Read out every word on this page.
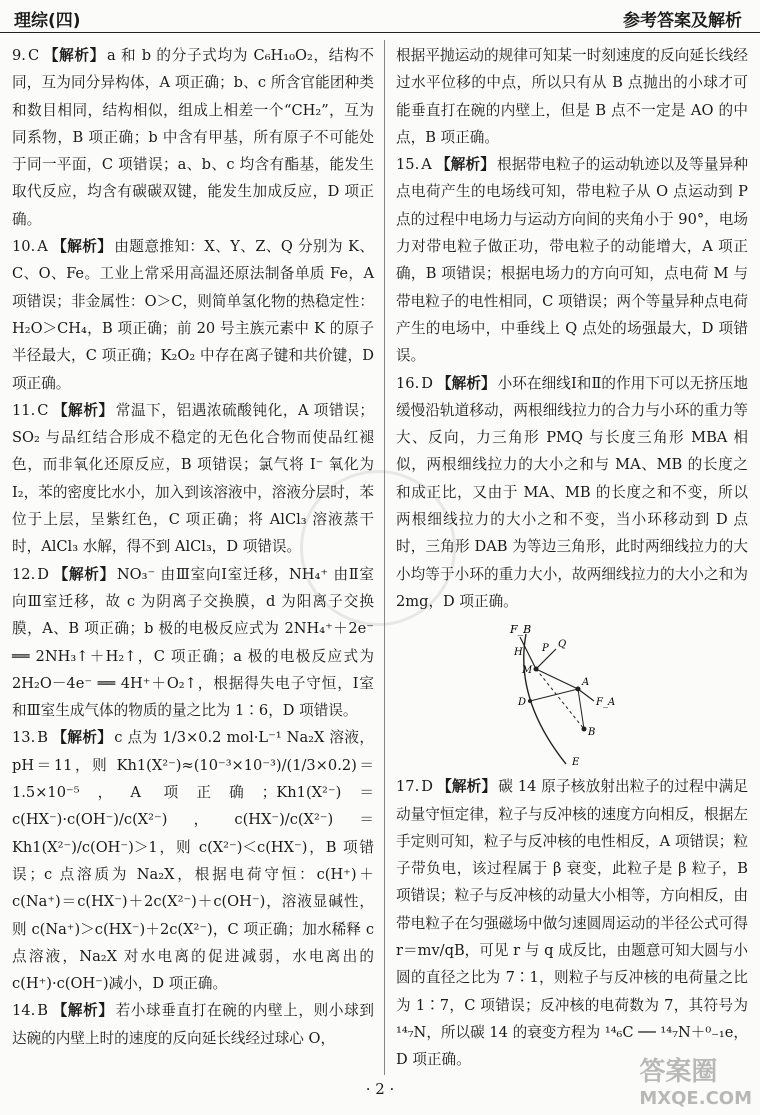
理综(四)	参考答案及解析

9. C 【解析】 a 和 b 的分子式均为 C₆H₁₀O₂，结构不同，互为同分异构体，A 项正确；b、c 所含官能团种类和数目相同，结构相似，组成上相差一个“CH₂”，互为同系物，B 项正确；b 中含有甲基，所有原子不可能处于同一平面，C 项错误；a、b、c 均含有酯基，能发生取代反应，均含有碳碳双键，能发生加成反应，D 项正确。

10. A 【解析】 由题意推知：X、Y、Z、Q 分别为 K、C、O、Fe。工业上常采用高温还原法制备单质 Fe，A 项错误；非金属性：O＞C，则简单氢化物的热稳定性：H₂O＞CH₄，B 项正确；前 20 号主族元素中 K 的原子半径最大，C 项正确；K₂O₂ 中存在离子键和共价键，D 项正确。

11. C 【解析】 常温下，铝遇浓硫酸钝化，A 项错误；SO₂ 与品红结合形成不稳定的无色化合物而使品红褪色，而非氧化还原反应，B 项错误；氯气将 I⁻ 氧化为 I₂，苯的密度比水小，加入到该溶液中，溶液分层时，苯位于上层，呈紫红色，C 项正确；将 AlCl₃ 溶液蒸干时，AlCl₃ 水解，得不到 AlCl₃，D 项错误。

12. D 【解析】 NO₃⁻ 由Ⅲ室向Ⅰ室迁移，NH₄⁺ 由Ⅱ室向Ⅲ室迁移，故 c 为阴离子交换膜，d 为阳离子交换膜，A、B 项正确；b 极的电极反应式为 2NH₄⁺＋2e⁻ ══ 2NH₃↑＋H₂↑，C 项正确；a 极的电极反应式为 2H₂O－4e⁻ ══ 4H⁺＋O₂↑，根据得失电子守恒，Ⅰ室和Ⅲ室生成气体的物质的量之比为 1∶6，D 项错误。

13. B 【解析】 c 点为 1/3×0.2 mol·L⁻¹ Na₂X 溶液，pH＝11，则 Kh1(X²⁻)≈(10⁻³×10⁻³)/(1/3×0.2)＝1.5×10⁻⁵，A 项正确；Kh1(X²⁻)＝c(HX⁻)·c(OH⁻)/c(X²⁻)，c(HX⁻)/c(X²⁻)＝Kh1(X²⁻)/c(OH⁻)＞1，则 c(X²⁻)＜c(HX⁻)，B 项错误；c 点溶质为 Na₂X，根据电荷守恒：c(H⁺)＋c(Na⁺)＝c(HX⁻)＋2c(X²⁻)＋c(OH⁻)，溶液显碱性，则 c(Na⁺)＞c(HX⁻)＋2c(X²⁻)，C 项正确；加水稀释 c 点溶液，Na₂X 对水电离的促进减弱，水电离出的 c(H⁺)·c(OH⁻)减小，D 项正确。

14. B 【解析】 若小球垂直打在碗的内壁上，则小球到达碗的内壁上时的速度的反向延长线经过球心 O，

根据平抛运动的规律可知某一时刻速度的反向延长线经过水平位移的中点，所以只有从 B 点抛出的小球才可能垂直打在碗的内壁上，但是 B 点不一定是 AO 的中点，B 项正确。

15. A 【解析】 根据带电粒子的运动轨迹以及等量异种点电荷产生的电场线可知，带电粒子从 O 点运动到 P 点的过程中电场力与运动方向间的夹角小于 90°，电场力对带电粒子做正功，带电粒子的动能增大，A 项正确，B 项错误；根据电场力的方向可知，点电荷 M 与带电粒子的电性相同，C 项错误；两个等量异种点电荷产生的电场中，中垂线上 Q 点处的场强最大，D 项错误。

16. D 【解析】 小环在细线Ⅰ和Ⅱ的作用下可以无挤压地缓慢沿轨道移动，两根细线拉力的合力与小环的重力等大、反向，力三角形 PMQ 与长度三角形 MBA 相似，两根细线拉力的大小之和与 MA、MB 的长度之和成正比，又由于 MA、MB 的长度之和不变，所以两根细线拉力的大小之和不变，当小环移动到 D 点时，三角形 DAB 为等边三角形，此时两细线拉力的大小均等于小环的重力大小，故两细线拉力的大小之和为 2mg，D 项正确。

F_B
H P Q
M
A
F_A
D
B
E

17. D 【解析】 碳 14 原子核放射出粒子的过程中满足动量守恒定律，粒子与反冲核的速度方向相反，根据左手定则可知，粒子与反冲核的电性相反，A 项错误；粒子带负电，该过程属于 β 衰变，此粒子是 β 粒子，B 项错误；粒子与反冲核的动量大小相等，方向相反，由带电粒子在匀强磁场中做匀速圆周运动的半径公式可得 r＝mv/qB，可见 r 与 q 成反比，由题意可知大圆与小圆的直径之比为 7∶1，则粒子与反冲核的电荷量之比为 1∶7，C 项错误；反冲核的电荷数为 7，其符号为 ¹⁴₇N，所以碳 14 的衰变方程为 ¹⁴₆C ── ¹⁴₇N＋⁰₋₁e，D 项正确。

· 2 ·
答案圈
MXQE.COM
